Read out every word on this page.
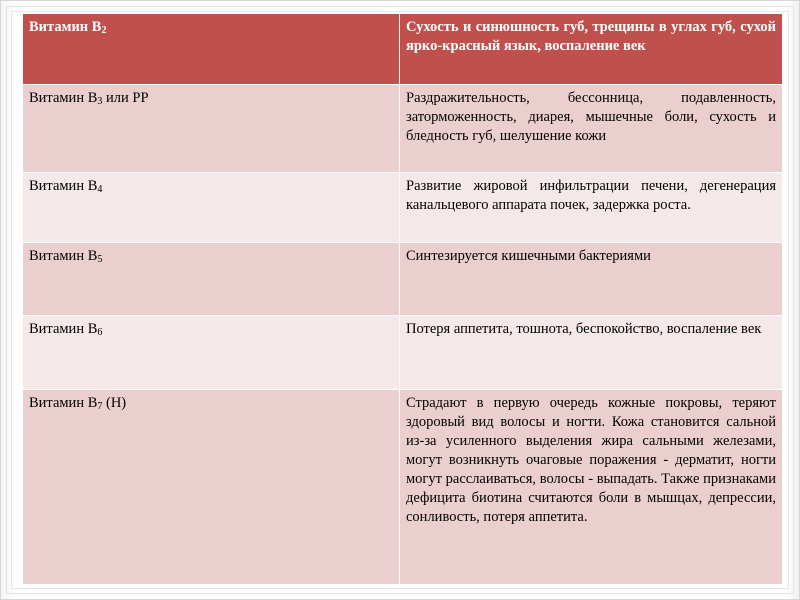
Витамин $В_2$	Сухость и синюшность губ, трещины в углах губ, сухой ярко-красный язык, воспаление век
Витамин $В_3$ или РР	Раздражительность, бессонница, подавленность, заторможенность, диарея, мышечные боли, сухость и бледность губ, шелушение кожи
Витамин $В_4$	Развитие жировой инфильтрации печени, дегенерация канальцевого аппарата почек, задержка роста.
Витамин $В_5$	Синтезируется кишечными бактериями
Витамин $В_6$	Потеря аппетита, тошнота, беспокойство, воспаление век
Витамин $В_7$ (Н)	Страдают в первую очередь кожные покровы, теряют здоровый вид волосы и ногти. Кожа становится сальной из-за усиленного выделения жира сальными железами, могут возникнуть очаговые поражения - дерматит, ногти могут расслаиваться, волосы - выпадать. Также признаками дефицита биотина считаются боли в мышцах, депрессии, сонливость, потеря аппетита.
